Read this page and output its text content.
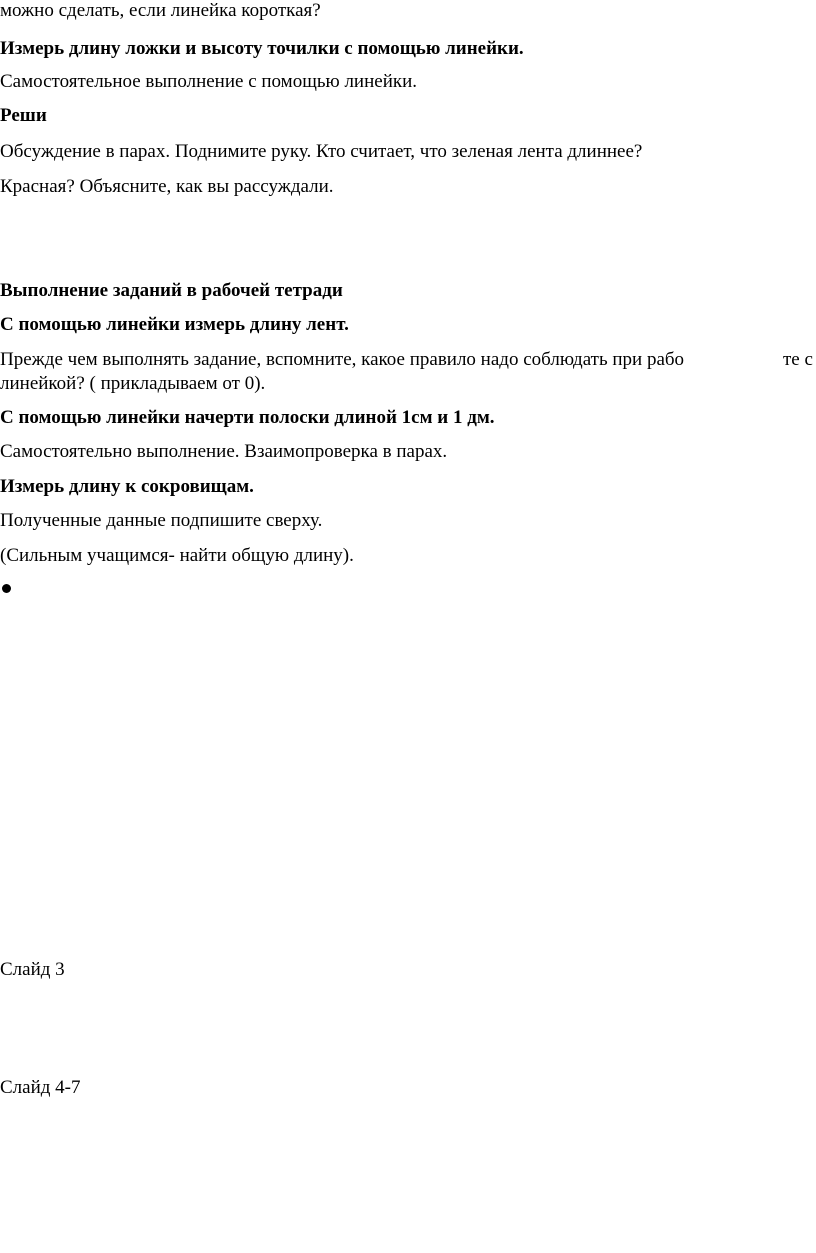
можно сделать, если линейка короткая?
Измерь длину ложки и высоту точилки с помощью линейки.
Самостоятельное выполнение с помощью линейки.
Реши
Обсуждение в парах. Поднимите руку. Кто считает, что зеленая лента длиннее?
Красная? Объясните, как вы рассуждали.
Выполнение заданий в рабочей тетради
С помощью линейки измерь длину лент.
Прежде чем выполнять задание, вспомните, какое правило надо соблюдать при рабо	те с
линейкой? ( прикладываем от 0).
С помощью линейки начерти полоски длиной 1см и 1 дм.
Самостоятельно выполнение. Взаимопроверка в парах.
Измерь длину к сокровищам.
Полученные данные подпишите сверху.
(Сильным учащимся- найти общую длину).
Слайд 3
Слайд 4-7
